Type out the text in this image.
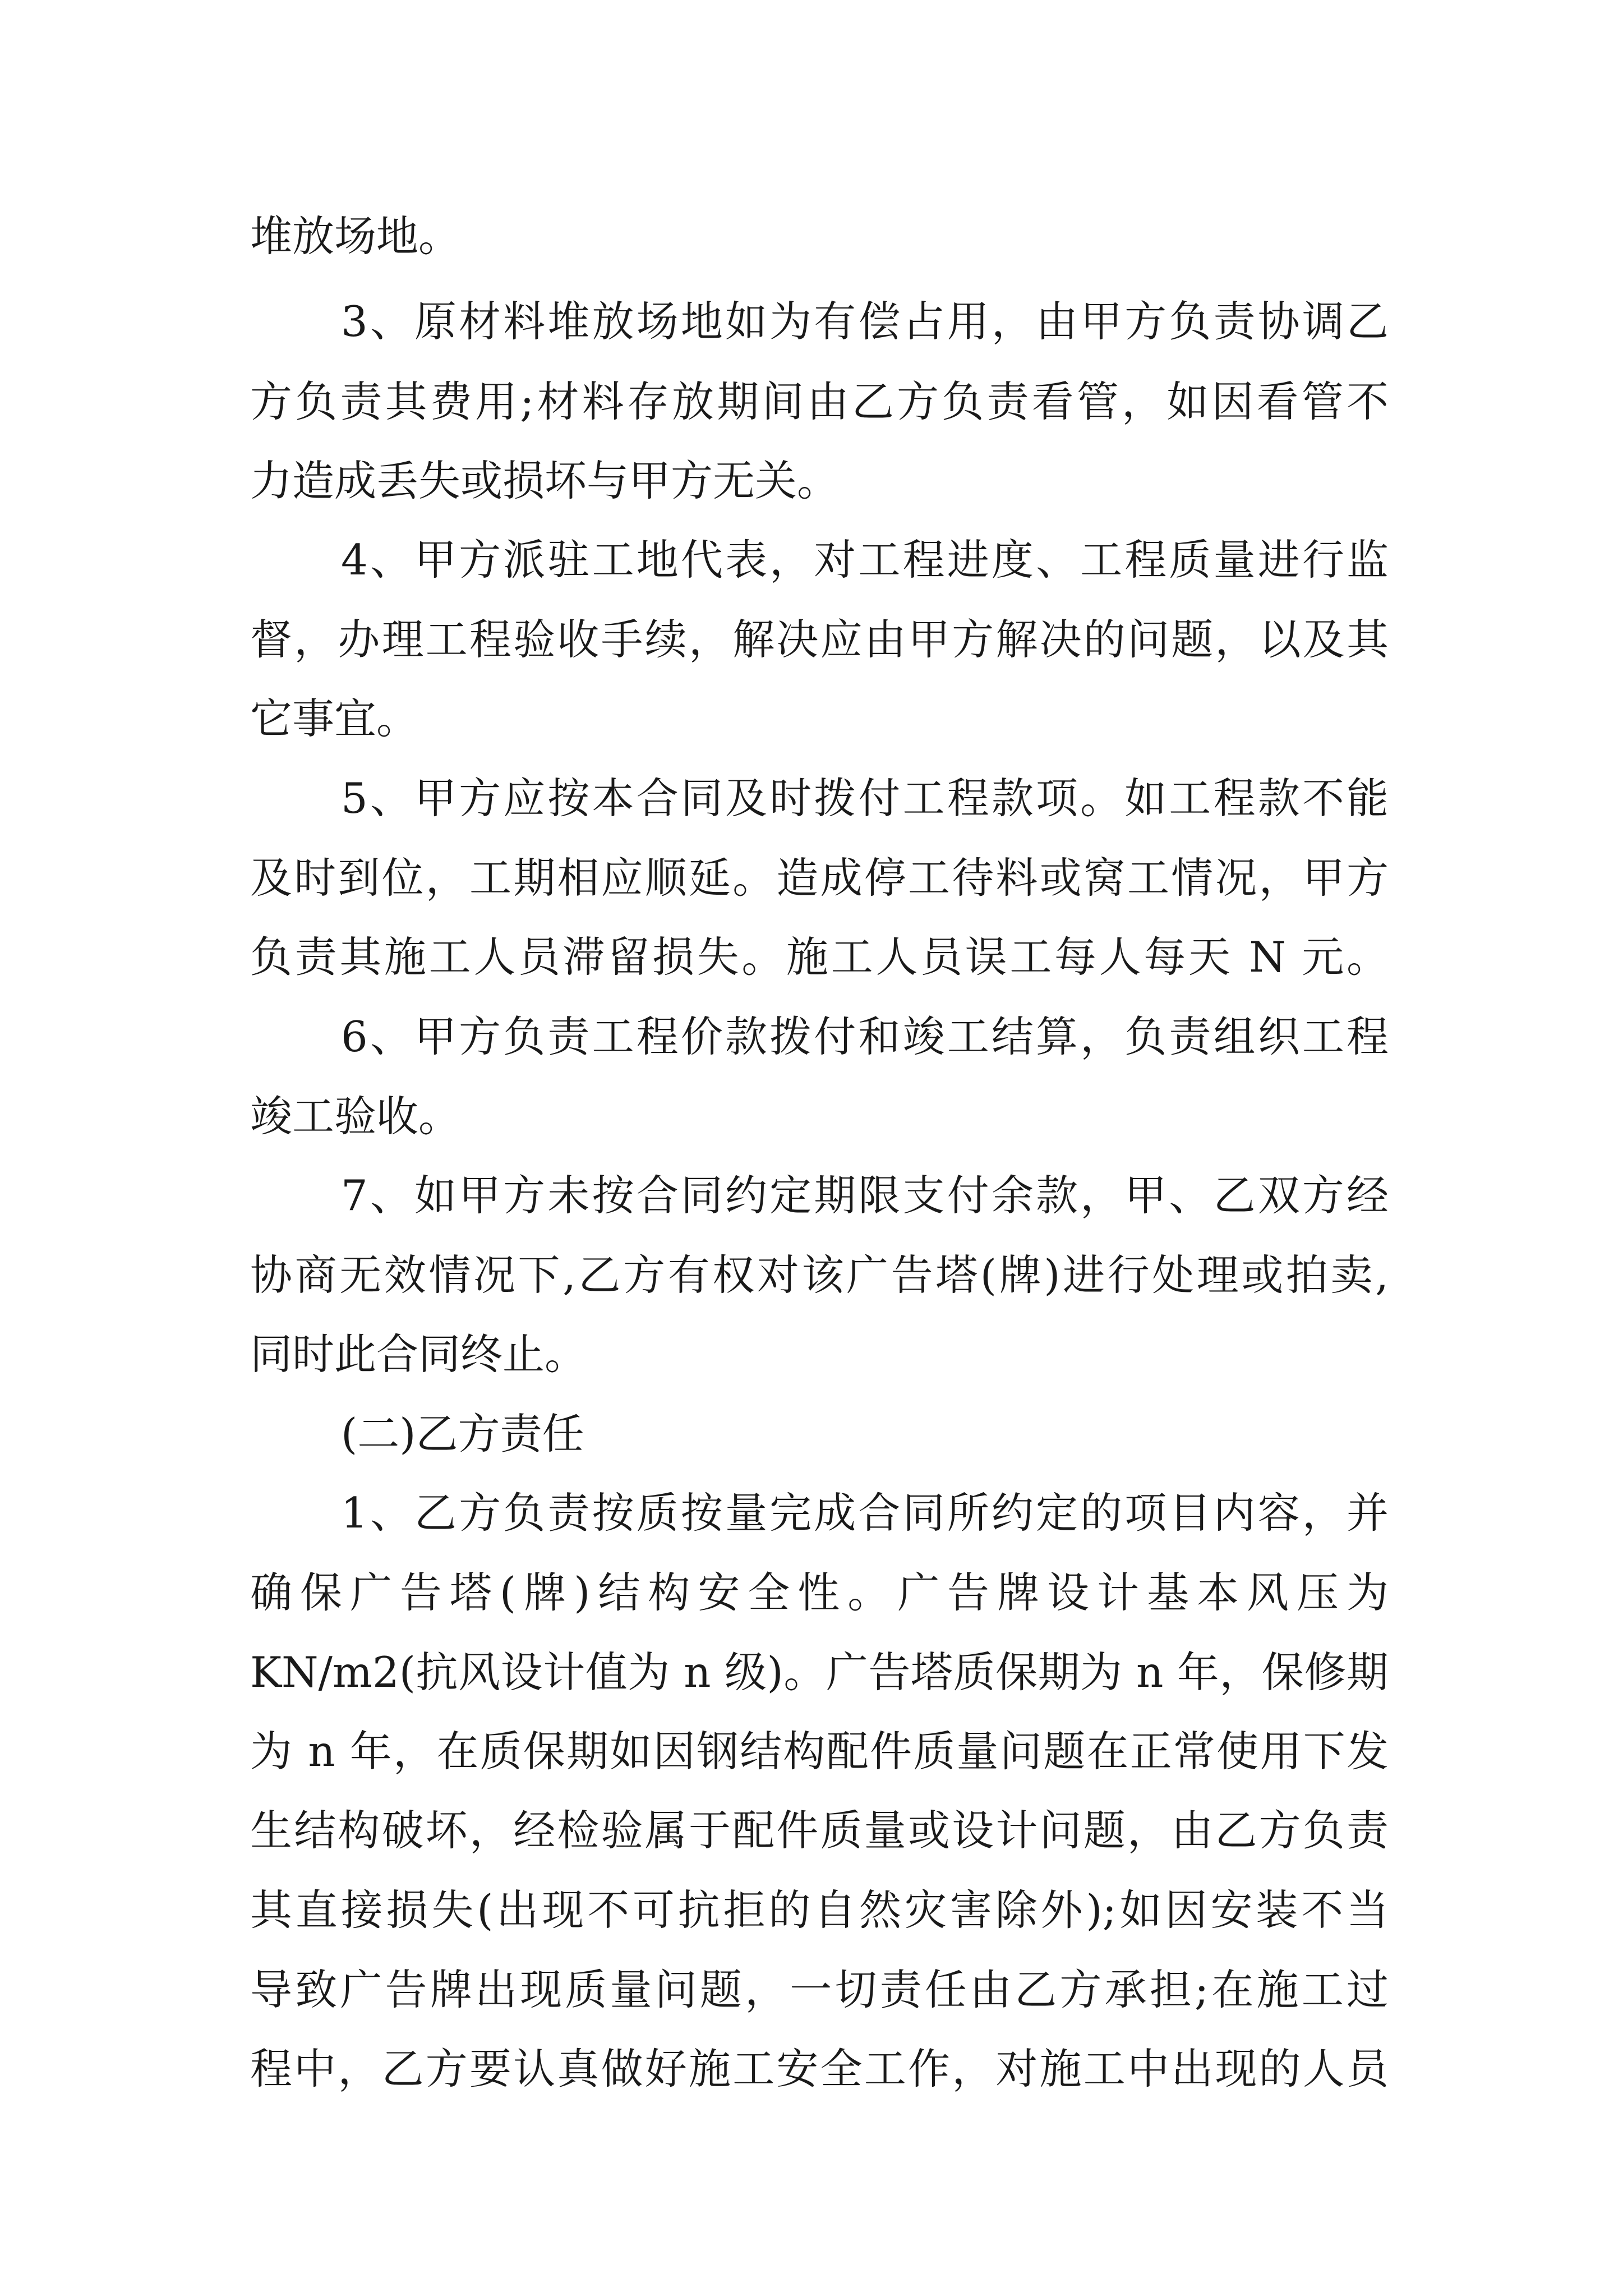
堆放场地。
3、原材料堆放场地如为有偿占用，由甲方负责协调乙
方负责其费用;材料存放期间由乙方负责看管，如因看管不
力造成丢失或损坏与甲方无关。
4、甲方派驻工地代表，对工程进度、工程质量进行监
督，办理工程验收手续，解决应由甲方解决的问题，以及其
它事宜。
5、甲方应按本合同及时拨付工程款项。如工程款不能
及时到位，工期相应顺延。造成停工待料或窝工情况，甲方
负责其施工人员滞留损失。施工人员误工每人每天 N 元。
6、甲方负责工程价款拨付和竣工结算，负责组织工程
竣工验收。
7、如甲方未按合同约定期限支付余款，甲、乙双方经
协商无效情况下,乙方有权对该广告塔(牌)进行处理或拍卖,
同时此合同终止。
(二)乙方责任
1、乙方负责按质按量完成合同所约定的项目内容，并
确保广告塔(牌)结构安全性。广告牌设计基本风压为
KN/m2(抗风设计值为 n 级)。广告塔质保期为 n 年，保修期
为 n 年，在质保期如因钢结构配件质量问题在正常使用下发
生结构破坏，经检验属于配件质量或设计问题，由乙方负责
其直接损失(出现不可抗拒的自然灾害除外);如因安装不当
导致广告牌出现质量问题，一切责任由乙方承担;在施工过
程中，乙方要认真做好施工安全工作，对施工中出现的人员
